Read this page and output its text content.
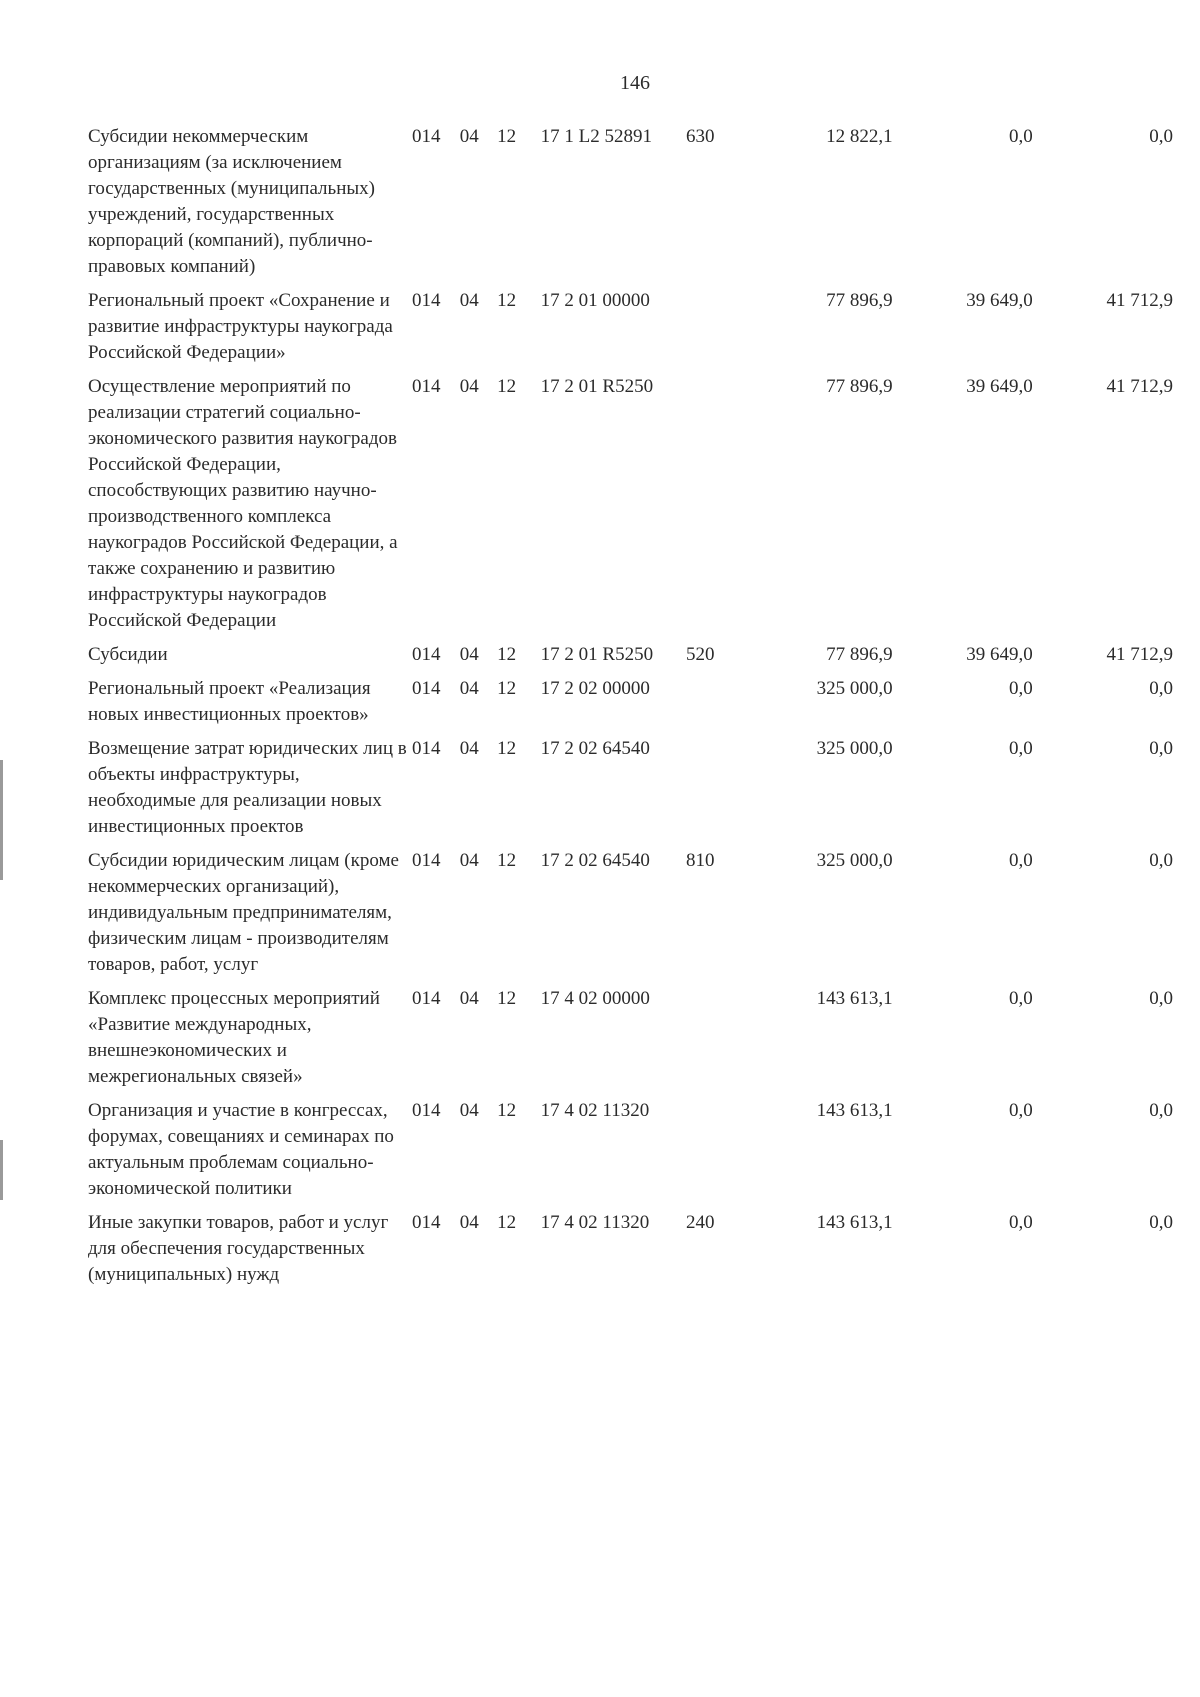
146
Субсидии некоммерческим организациям (за исключением государственных (муниципальных) учреждений, государственных корпораций (компаний), публично-правовых компаний)	014	04	12	17 1 L2 52891	630	12 822,1	0,0	0,0
Региональный проект «Сохранение и развитие инфраструктуры наукограда Российской Федерации»	014	04	12	17 2 01 00000		77 896,9	39 649,0	41 712,9
Осуществление мероприятий по реализации стратегий социально-экономического развития наукоградов Российской Федерации, способствующих развитию научно-производственного комплекса наукоградов Российской Федерации, а также сохранению и развитию инфраструктуры наукоградов Российской Федерации	014	04	12	17 2 01 R5250		77 896,9	39 649,0	41 712,9
Субсидии	014	04	12	17 2 01 R5250	520	77 896,9	39 649,0	41 712,9
Региональный проект «Реализация новых инвестиционных проектов»	014	04	12	17 2 02 00000		325 000,0	0,0	0,0
Возмещение затрат юридических лиц в объекты инфраструктуры, необходимые для реализации новых инвестиционных проектов	014	04	12	17 2 02 64540		325 000,0	0,0	0,0
Субсидии юридическим лицам (кроме некоммерческих организаций), индивидуальным предпринимателям, физическим лицам - производителям товаров, работ, услуг	014	04	12	17 2 02 64540	810	325 000,0	0,0	0,0
Комплекс процессных мероприятий «Развитие международных, внешнеэкономических и межрегиональных связей»	014	04	12	17 4 02 00000		143 613,1	0,0	0,0
Организация и участие в конгрессах, форумах, совещаниях и семинарах по актуальным проблемам социально-экономической политики	014	04	12	17 4 02 11320		143 613,1	0,0	0,0
Иные закупки товаров, работ и услуг для обеспечения государственных (муниципальных) нужд	014	04	12	17 4 02 11320	240	143 613,1	0,0	0,0
